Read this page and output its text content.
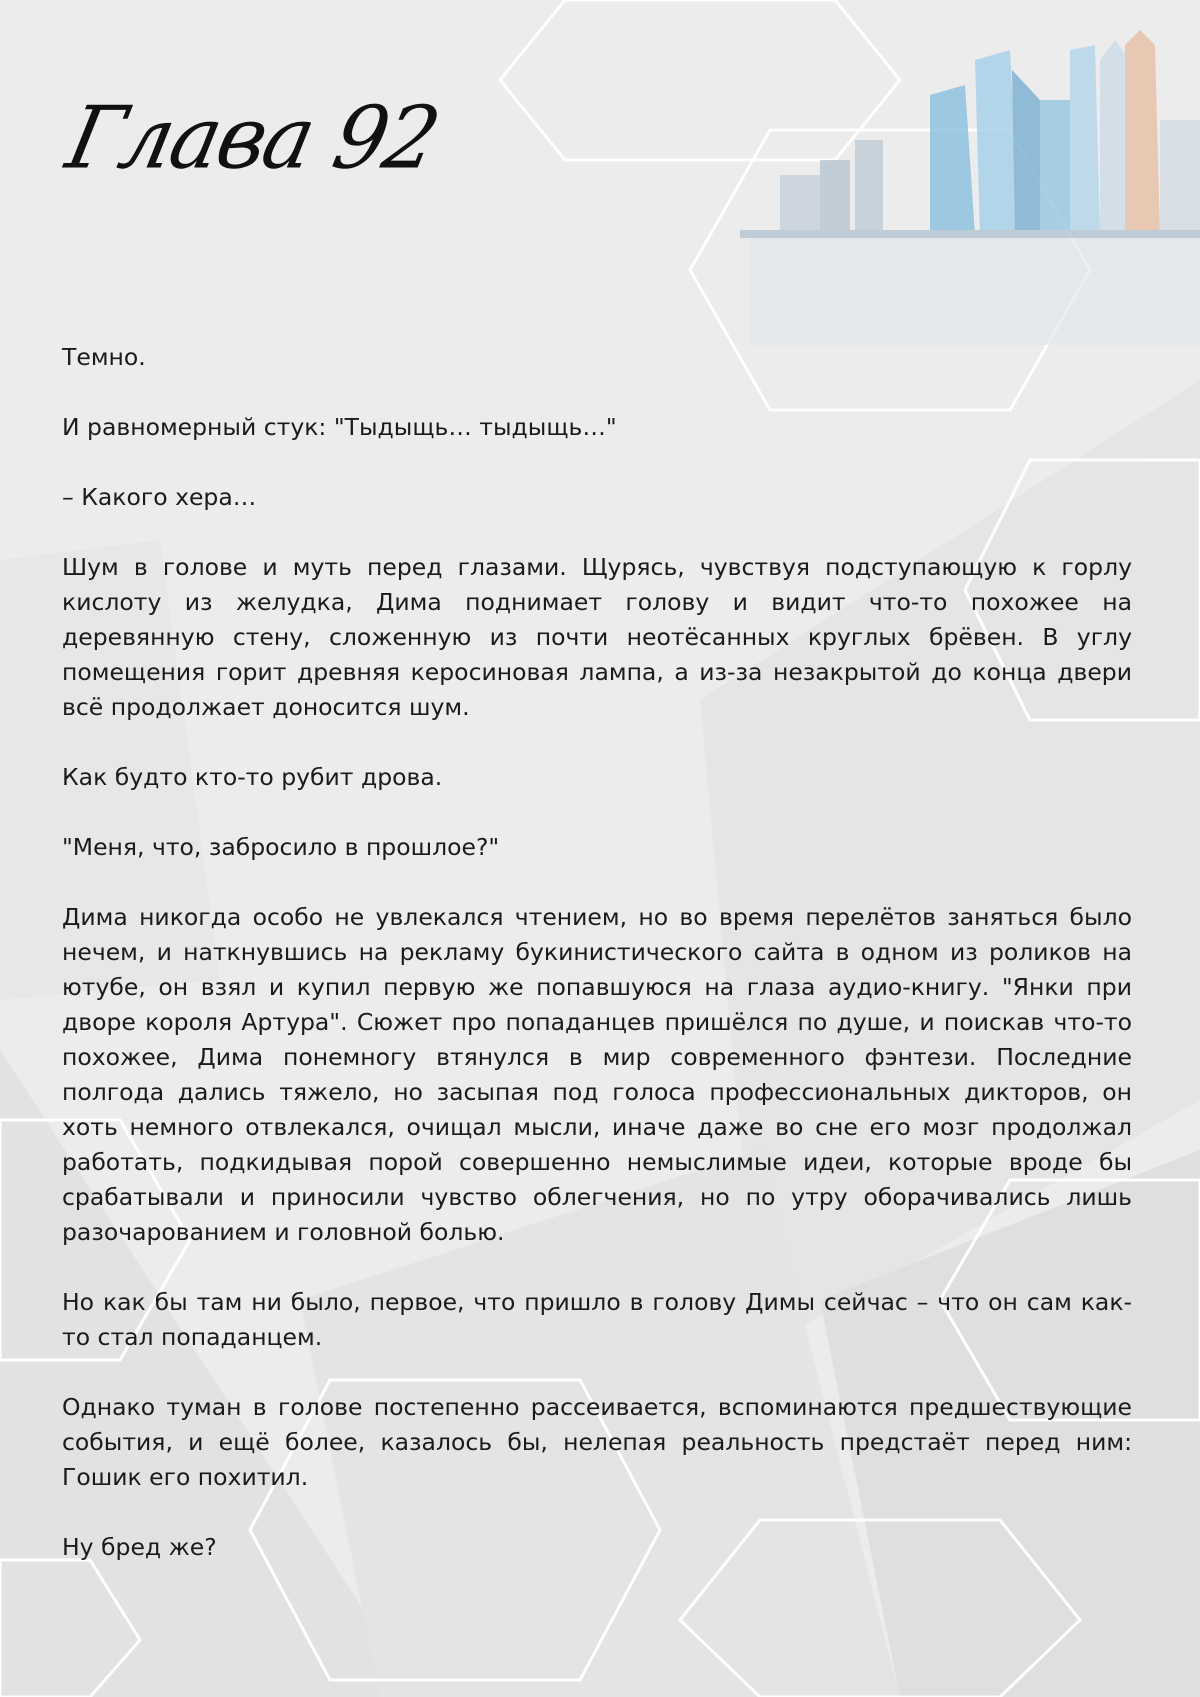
Глава 92

Темно.

И равномерный стук: "Тыдыщь… тыдыщь…"

– Какого хера…

Шум в голове и муть перед глазами. Щурясь, чувствуя подступающую к горлу кислоту из желудка, Дима поднимает голову и видит что-то похожее на деревянную стену, сложенную из почти неотёсанных круглых брёвен. В углу помещения горит древняя керосиновая лампа, а из-за незакрытой до конца двери всё продолжает доносится шум.

Как будто кто-то рубит дрова.

"Меня, что, забросило в прошлое?"

Дима никогда особо не увлекался чтением, но во время перелётов заняться было нечем, и наткнувшись на рекламу букинистического сайта в одном из роликов на ютубе, он взял и купил первую же попавшуюся на глаза аудио-книгу. "Янки при дворе короля Артура". Сюжет про попаданцев пришёлся по душе, и поискав что-то похожее, Дима понемногу втянулся в мир современного фэнтези. Последние полгода дались тяжело, но засыпая под голоса профессиональных дикторов, он хоть немного отвлекался, очищал мысли, иначе даже во сне его мозг продолжал работать, подкидывая порой совершенно немыслимые идеи, которые вроде бы срабатывали и приносили чувство облегчения, но по утру оборачивались лишь разочарованием и головной болью.

Но как бы там ни было, первое, что пришло в голову Димы сейчас – что он сам как-то стал попаданцем.

Однако туман в голове постепенно рассеивается, вспоминаются предшествующие события, и ещё более, казалось бы, нелепая реальность предстаёт перед ним: Гошик его похитил.

Ну бред же?
